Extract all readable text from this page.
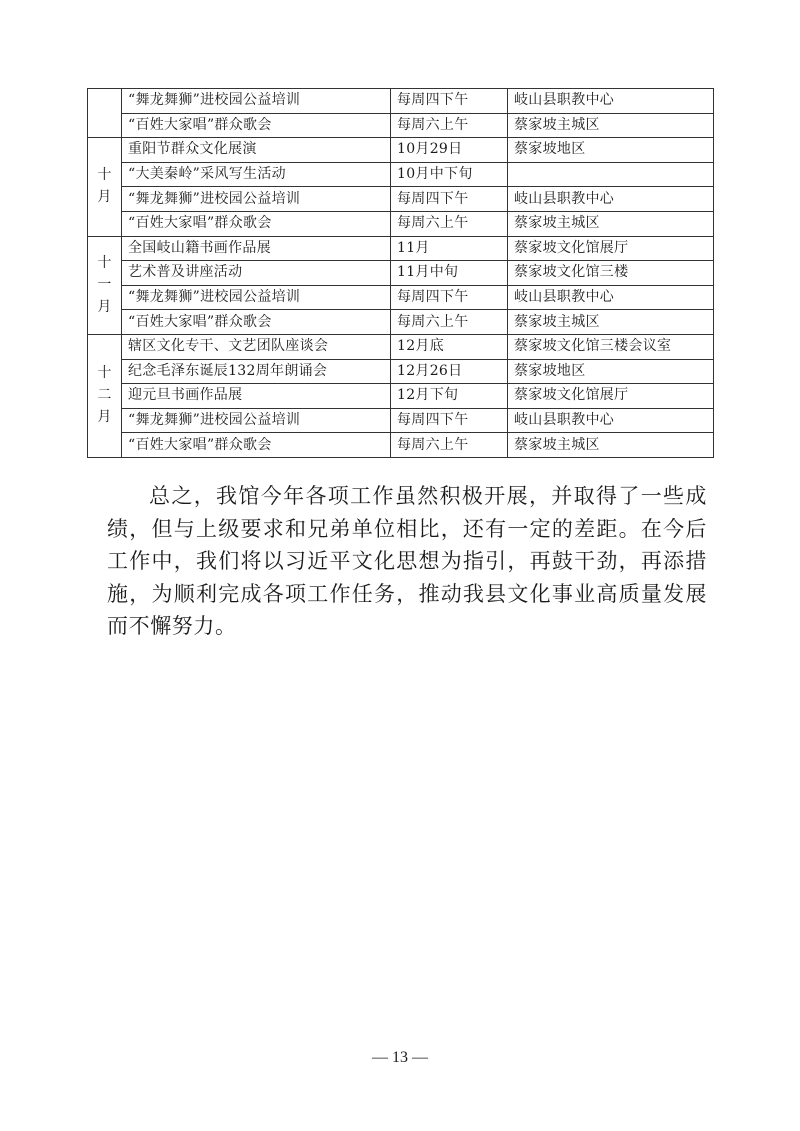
	“舞龙舞狮”进校园公益培训	每周四下午	岐山县职教中心
	“百姓大家唱”群众歌会	每周六上午	蔡家坡主城区
十月	重阳节群众文化展演	10月29日	蔡家坡地区
	“大美秦岭”采风写生活动	10月中下旬	
	“舞龙舞狮”进校园公益培训	每周四下午	岐山县职教中心
	“百姓大家唱”群众歌会	每周六上午	蔡家坡主城区
十一月	全国岐山籍书画作品展	11月	蔡家坡文化馆展厅
	艺术普及讲座活动	11月中旬	蔡家坡文化馆三楼
	“舞龙舞狮”进校园公益培训	每周四下午	岐山县职教中心
	“百姓大家唱”群众歌会	每周六上午	蔡家坡主城区
十二月	辖区文化专干、文艺团队座谈会	12月底	蔡家坡文化馆三楼会议室
	纪念毛泽东诞辰132周年朗诵会	12月26日	蔡家坡地区
	迎元旦书画作品展	12月下旬	蔡家坡文化馆展厅
	“舞龙舞狮”进校园公益培训	每周四下午	岐山县职教中心
	“百姓大家唱”群众歌会	每周六上午	蔡家坡主城区

总之，我馆今年各项工作虽然积极开展，并取得了一些成绩，但与上级要求和兄弟单位相比，还有一定的差距。在今后工作中，我们将以习近平文化思想为指引，再鼓干劲，再添措施，为顺利完成各项工作任务，推动我县文化事业高质量发展而不懈努力。

— 13 —
